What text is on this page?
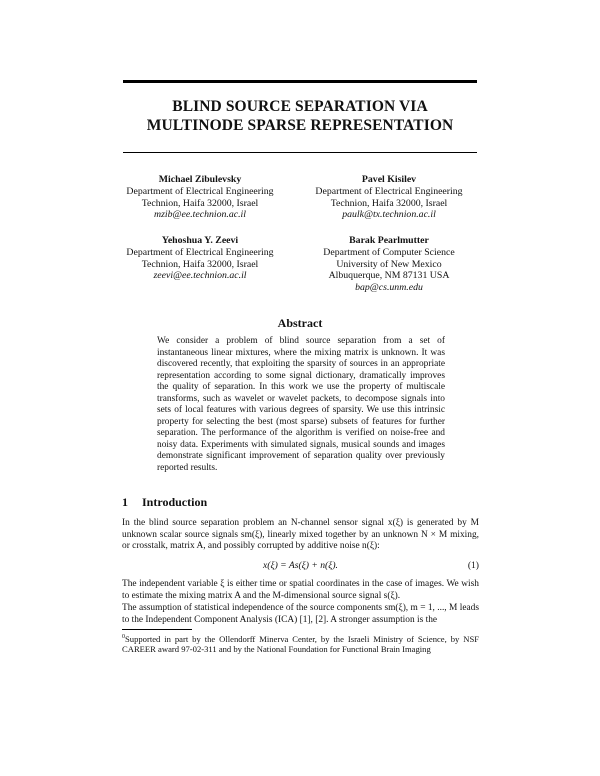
BLIND SOURCE SEPARATION VIA
MULTINODE SPARSE REPRESENTATION
Michael Zibulevsky
Department of Electrical Engineering
Technion, Haifa 32000, Israel
mzib@ee.technion.ac.il
Pavel Kisilev
Department of Electrical Engineering
Technion, Haifa 32000, Israel
paulk@tx.technion.ac.il
Yehoshua Y. Zeevi
Department of Electrical Engineering
Technion, Haifa 32000, Israel
zeevi@ee.technion.ac.il
Barak Pearlmutter
Department of Computer Science
University of New Mexico
Albuquerque, NM 87131 USA
bap@cs.unm.edu
Abstract
We consider a problem of blind source separation from a set of instantaneous linear mixtures, where the mixing matrix is unknown. It was discovered recently, that exploiting the sparsity of sources in an appropriate representation according to some signal dictionary, dramatically improves the quality of separation. In this work we use the property of multiscale transforms, such as wavelet or wavelet packets, to decompose signals into sets of local features with various degrees of sparsity. We use this intrinsic property for selecting the best (most sparse) subsets of features for further separation. The performance of the algorithm is verified on noise-free and noisy data. Experiments with simulated signals, musical sounds and images demonstrate significant improvement of separation quality over previously reported results.
1 Introduction
In the blind source separation problem an N-channel sensor signal x(ξ) is generated by M unknown scalar source signals sm(ξ), linearly mixed together by an unknown N × M mixing, or crosstalk, matrix A, and possibly corrupted by additive noise n(ξ):
x(ξ) = As(ξ) + n(ξ).	(1)
The independent variable ξ is either time or spatial coordinates in the case of images. We wish to estimate the mixing matrix A and the M-dimensional source signal s(ξ).
The assumption of statistical independence of the source components sm(ξ), m = 1, ..., M leads to the Independent Component Analysis (ICA) [1], [2]. A stronger assumption is the
$^0$Supported in part by the Ollendorff Minerva Center, by the Israeli Ministry of Science, by NSF CAREER award 97-02-311 and by the National Foundation for Functional Brain Imaging
